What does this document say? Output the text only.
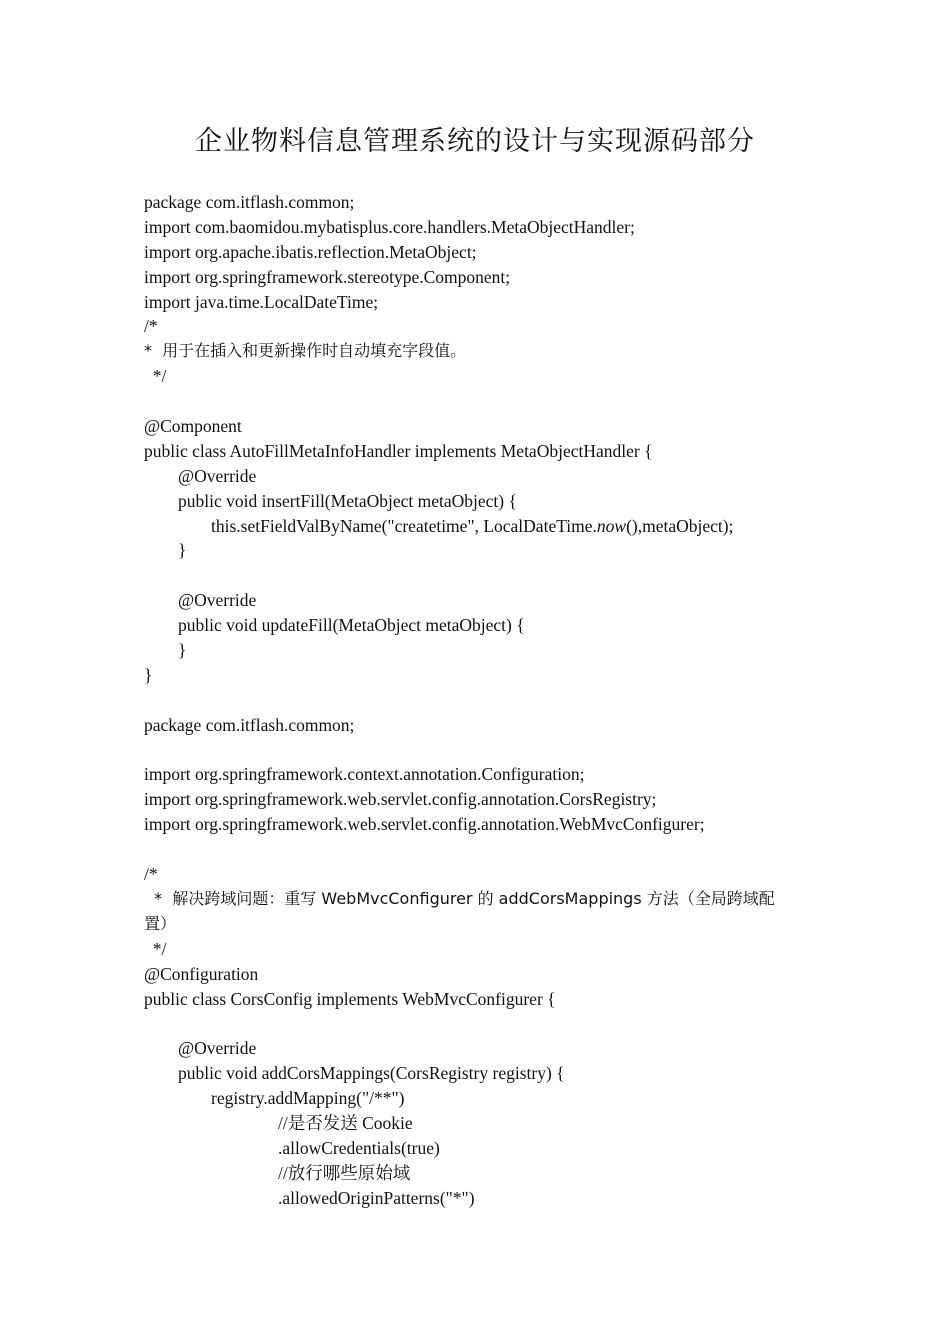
企业物料信息管理系统的设计与实现源码部分
package com.itflash.common;
import com.baomidou.mybatisplus.core.handlers.MetaObjectHandler;
import org.apache.ibatis.reflection.MetaObject;
import org.springframework.stereotype.Component;
import java.time.LocalDateTime;
/*
*  用于在插入和更新操作时自动填充字段值。
*/
@Component
public class AutoFillMetaInfoHandler implements MetaObjectHandler {
@Override
public void insertFill(MetaObject metaObject) {
this.setFieldValByName("createtime", LocalDateTime.now(),metaObject);
}
@Override
public void updateFill(MetaObject metaObject) {
}
}
package com.itflash.common;
import org.springframework.context.annotation.Configuration;
import org.springframework.web.servlet.config.annotation.CorsRegistry;
import org.springframework.web.servlet.config.annotation.WebMvcConfigurer;
/*
*  解决跨域问题：重写 WebMvcConfigurer 的 addCorsMappings 方法（全局跨域配
置）
*/
@Configuration
public class CorsConfig implements WebMvcConfigurer {
@Override
public void addCorsMappings(CorsRegistry registry) {
registry.addMapping("/**")
//是否发送 Cookie
.allowCredentials(true)
//放行哪些原始域
.allowedOriginPatterns("*")
